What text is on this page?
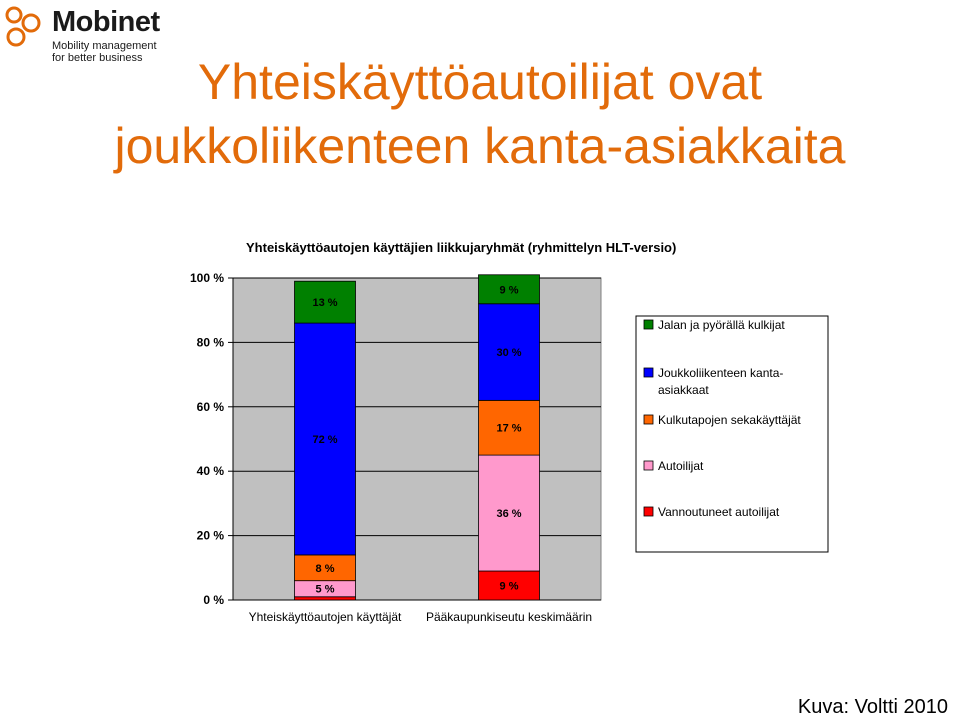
Mobinet
Mobility management
for better business	Yhteiskäyttöautoilijat ovat
joukkoliikenteen kanta-asiakkaita
Yhteiskäyttöautojen käyttäjien liikkujaryhmät (ryhmittelyn HLT-versio)
0 %
20 %
40 %
60 %
80 %
100 %
5 %
8 %
72 %
13 %
Yhteiskäyttöautojen käyttäjät
9 %
36 %
17 %
30 %
9 %
Pääkaupunkiseutu keskimäärin
Jalan ja pyörällä kulkijat
Joukkoliikenteen kanta-asiakkaat
Kulkutapojen sekakäyttäjät
Autoilijat
Vannoutuneet autoilijat
Kuva: Voltti 2010
